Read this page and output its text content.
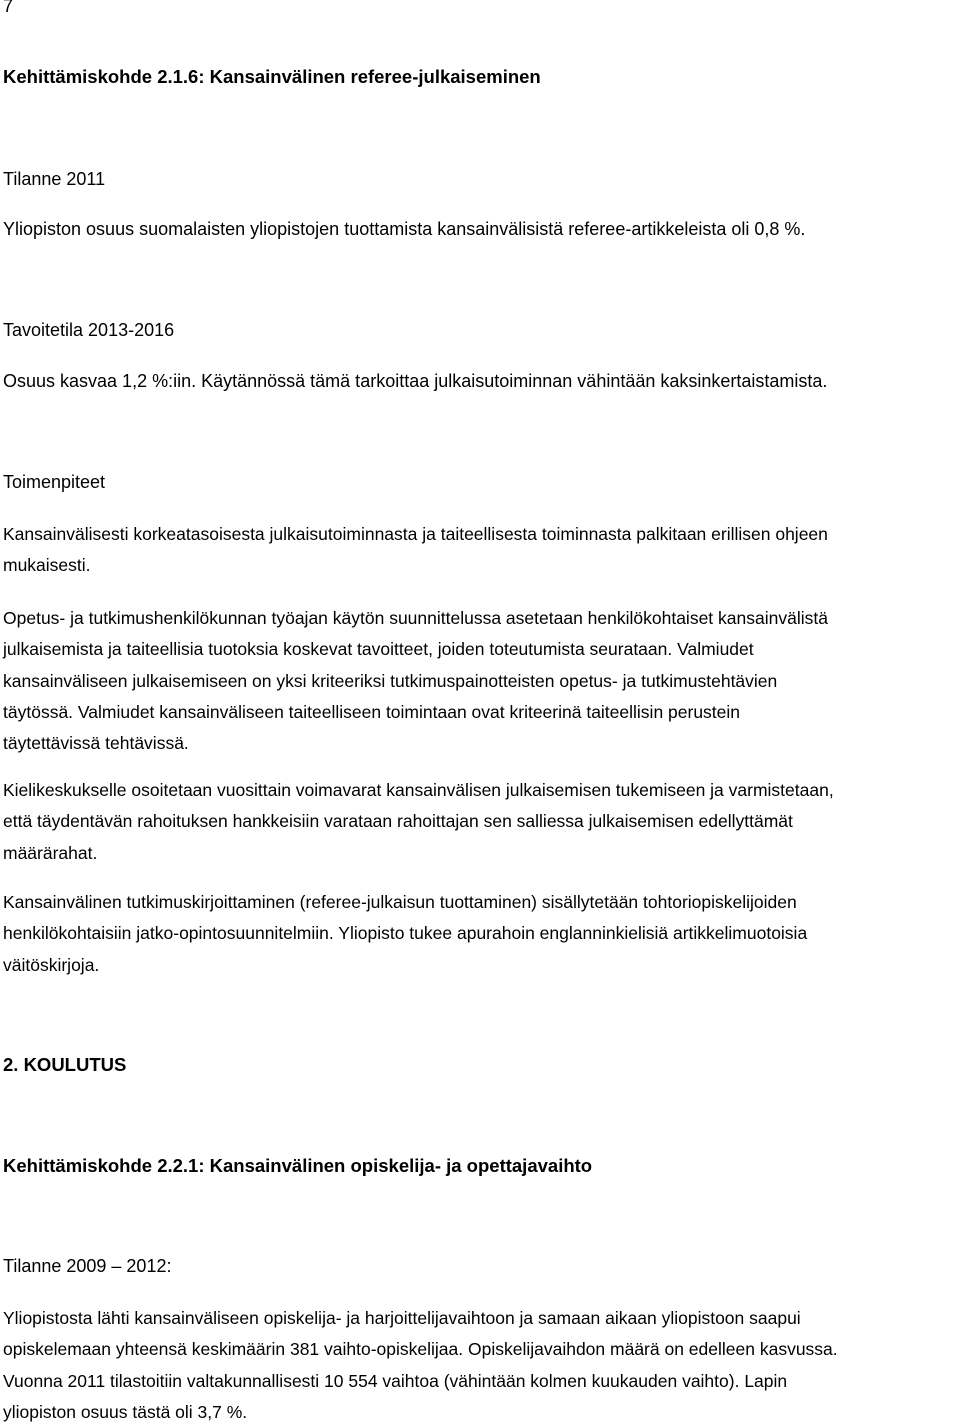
7
Kehittämiskohde 2.1.6: Kansainvälinen referee-julkaiseminen
Tilanne 2011
Yliopiston osuus suomalaisten yliopistojen tuottamista kansainvälisistä referee-artikkeleista oli 0,8 %.
Tavoitetila 2013-2016
Osuus kasvaa 1,2 %:iin. Käytännössä tämä tarkoittaa julkaisutoiminnan vähintään kaksinkertaistamista.
Toimenpiteet
Kansainvälisesti korkeatasoisesta julkaisutoiminnasta ja taiteellisesta toiminnasta palkitaan erillisen ohjeen
mukaisesti.
Opetus- ja tutkimushenkilökunnan työajan käytön suunnittelussa asetetaan henkilökohtaiset kansainvälistä
julkaisemista ja taiteellisia tuotoksia koskevat tavoitteet, joiden toteutumista seurataan. Valmiudet
kansainväliseen julkaisemiseen on yksi kriteeriksi tutkimuspainotteisten opetus- ja tutkimustehtävien
täytössä. Valmiudet kansainväliseen taiteelliseen toimintaan ovat kriteerinä taiteellisin perustein
täytettävissä tehtävissä.
Kielikeskukselle osoitetaan vuosittain voimavarat kansainvälisen julkaisemisen tukemiseen ja varmistetaan,
että täydentävän rahoituksen hankkeisiin varataan rahoittajan sen salliessa julkaisemisen edellyttämät
määrärahat.
Kansainvälinen tutkimuskirjoittaminen (referee-julkaisun tuottaminen) sisällytetään tohtoriopiskelijoiden
henkilökohtaisiin jatko-opintosuunnitelmiin. Yliopisto tukee apurahoin englanninkielisiä artikkelimuotoisia
väitöskirjoja.
2. KOULUTUS
Kehittämiskohde 2.2.1: Kansainvälinen opiskelija- ja opettajavaihto
Tilanne 2009 – 2012:
Yliopistosta lähti kansainväliseen opiskelija- ja harjoittelijavaihtoon ja samaan aikaan yliopistoon saapui
opiskelemaan yhteensä keskimäärin 381 vaihto-opiskelijaa. Opiskelijavaihdon määrä on edelleen kasvussa.
Vuonna 2011 tilastoitiin valtakunnallisesti 10 554 vaihtoa (vähintään kolmen kuukauden vaihto). Lapin
yliopiston osuus tästä oli 3,7 %.
